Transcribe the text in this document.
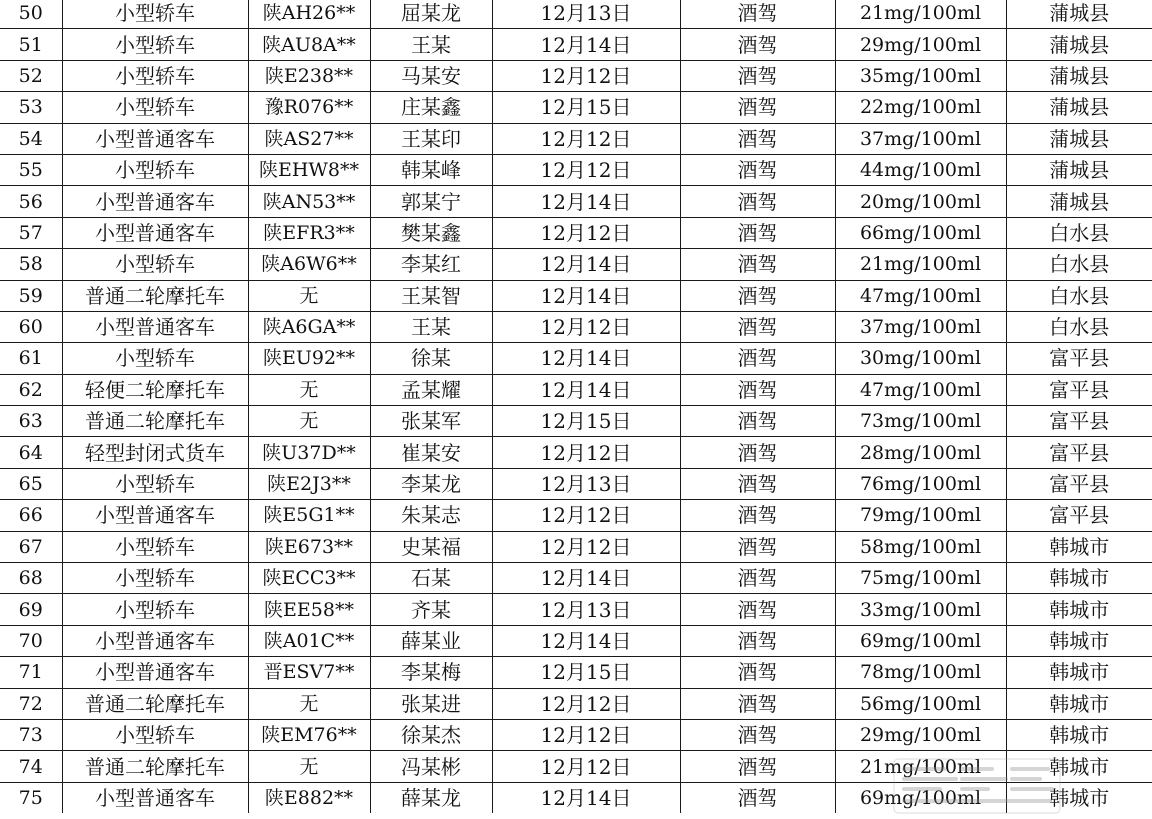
50	小型轿车	陕AH26**	屈某龙	12月13日	酒驾	21mg/100ml	蒲城县
51	小型轿车	陕AU8A**	王某	12月14日	酒驾	29mg/100ml	蒲城县
52	小型轿车	陕E238**	马某安	12月12日	酒驾	35mg/100ml	蒲城县
53	小型轿车	豫R076**	庄某鑫	12月15日	酒驾	22mg/100ml	蒲城县
54	小型普通客车	陕AS27**	王某印	12月12日	酒驾	37mg/100ml	蒲城县
55	小型轿车	陕EHW8**	韩某峰	12月12日	酒驾	44mg/100ml	蒲城县
56	小型普通客车	陕AN53**	郭某宁	12月14日	酒驾	20mg/100ml	蒲城县
57	小型普通客车	陕EFR3**	樊某鑫	12月12日	酒驾	66mg/100ml	白水县
58	小型轿车	陕A6W6**	李某红	12月14日	酒驾	21mg/100ml	白水县
59	普通二轮摩托车	无	王某智	12月14日	酒驾	47mg/100ml	白水县
60	小型普通客车	陕A6GA**	王某	12月12日	酒驾	37mg/100ml	白水县
61	小型轿车	陕EU92**	徐某	12月14日	酒驾	30mg/100ml	富平县
62	轻便二轮摩托车	无	孟某耀	12月14日	酒驾	47mg/100ml	富平县
63	普通二轮摩托车	无	张某军	12月15日	酒驾	73mg/100ml	富平县
64	轻型封闭式货车	陕U37D**	崔某安	12月12日	酒驾	28mg/100ml	富平县
65	小型轿车	陕E2J3**	李某龙	12月13日	酒驾	76mg/100ml	富平县
66	小型普通客车	陕E5G1**	朱某志	12月12日	酒驾	79mg/100ml	富平县
67	小型轿车	陕E673**	史某福	12月12日	酒驾	58mg/100ml	韩城市
68	小型轿车	陕ECC3**	石某	12月14日	酒驾	75mg/100ml	韩城市
69	小型轿车	陕EE58**	齐某	12月13日	酒驾	33mg/100ml	韩城市
70	小型普通客车	陕A01C**	薛某业	12月14日	酒驾	69mg/100ml	韩城市
71	小型普通客车	晋ESV7**	李某梅	12月15日	酒驾	78mg/100ml	韩城市
72	普通二轮摩托车	无	张某进	12月12日	酒驾	56mg/100ml	韩城市
73	小型轿车	陕EM76**	徐某杰	12月12日	酒驾	29mg/100ml	韩城市
74	普通二轮摩托车	无	冯某彬	12月12日	酒驾	21mg/100ml	韩城市
75	小型普通客车	陕E882**	薛某龙	12月14日	酒驾	69mg/100ml	韩城市
